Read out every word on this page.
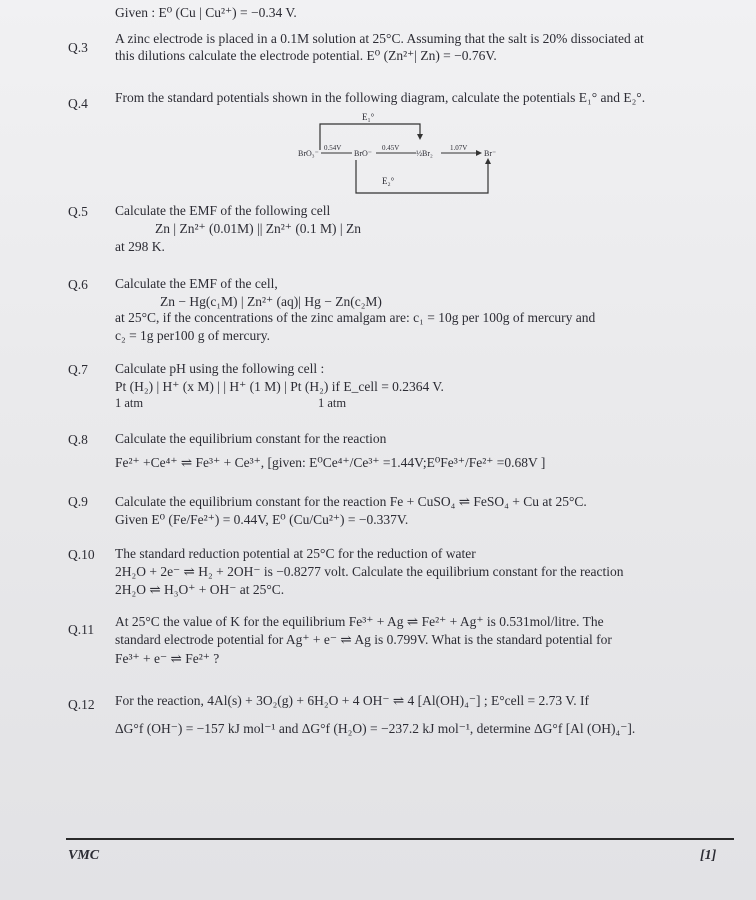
Given : E⁰ (Cu | Cu²⁺) = −0.34 V.
Q.3
A zinc electrode is placed in a 0.1M solution at 25°C. Assuming that the salt is 20% dissociated at
this dilutions calculate the electrode potential. E⁰ (Zn²⁺| Zn) = −0.76V.
Q.4 From the standard potentials shown in the following diagram, calculate the potentials E₁° and E₂°.
E₁°
BrO₃⁻
0.54V
BrO⁻
0.45V
½Br₂
1.07V
Br⁻
E₂°
Q.5 Calculate the EMF of the following cell
Zn | Zn²⁺ (0.01M) || Zn²⁺ (0.1 M) | Zn
at 298 K.
Q.6 Calculate the EMF of the cell,
Zn − Hg(c₁M) | Zn²⁺ (aq)| Hg − Zn(c₂M)
at 25°C, if the concentrations of the zinc amalgam are: c₁ = 10g per 100g of mercury and
c₂ = 1g per100 g of mercury.
Q.7 Calculate pH using the following cell :
Pt (H₂) | H⁺ (x M) | | H⁺ (1 M) | Pt (H₂) if E_cell = 0.2364 V.
1 atm	1 atm
Q.8 Calculate the equilibrium constant for the reaction
Fe²⁺ +Ce⁴⁺ ⇌ Fe³⁺ + Ce³⁺, [given: E⁰Ce⁴⁺/Ce³⁺ =1.44V;E⁰Fe³⁺/Fe²⁺ =0.68V ]
Q.9 Calculate the equilibrium constant for the reaction Fe + CuSO₄ ⇌ FeSO₄ + Cu at 25°C.
Given E⁰ (Fe/Fe²⁺) = 0.44V, E⁰ (Cu/Cu²⁺) = −0.337V.
Q.10 The standard reduction potential at 25°C for the reduction of water
2H₂O + 2e⁻ ⇌ H₂ + 2OH⁻ is −0.8277 volt. Calculate the equilibrium constant for the reaction
2H₂O ⇌ H₃O⁺ + OH⁻ at 25°C.
Q.11
At 25°C the value of K for the equilibrium Fe³⁺ + Ag ⇌ Fe²⁺ + Ag⁺ is 0.531mol/litre. The
standard electrode potential for Ag⁺ + e⁻ ⇌ Ag is 0.799V. What is the standard potential for
Fe³⁺ + e⁻ ⇌ Fe²⁺ ?
Q.12 For the reaction, 4Al(s) + 3O₂(g) + 6H₂O + 4 OH⁻ ⇌ 4 [Al(OH)₄⁻] ; E°cell = 2.73 V. If
ΔG°f (OH⁻) = −157 kJ mol⁻¹ and ΔG°f (H₂O) = −237.2 kJ mol⁻¹, determine ΔG°f [Al (OH)₄⁻].
VMC	[1]
